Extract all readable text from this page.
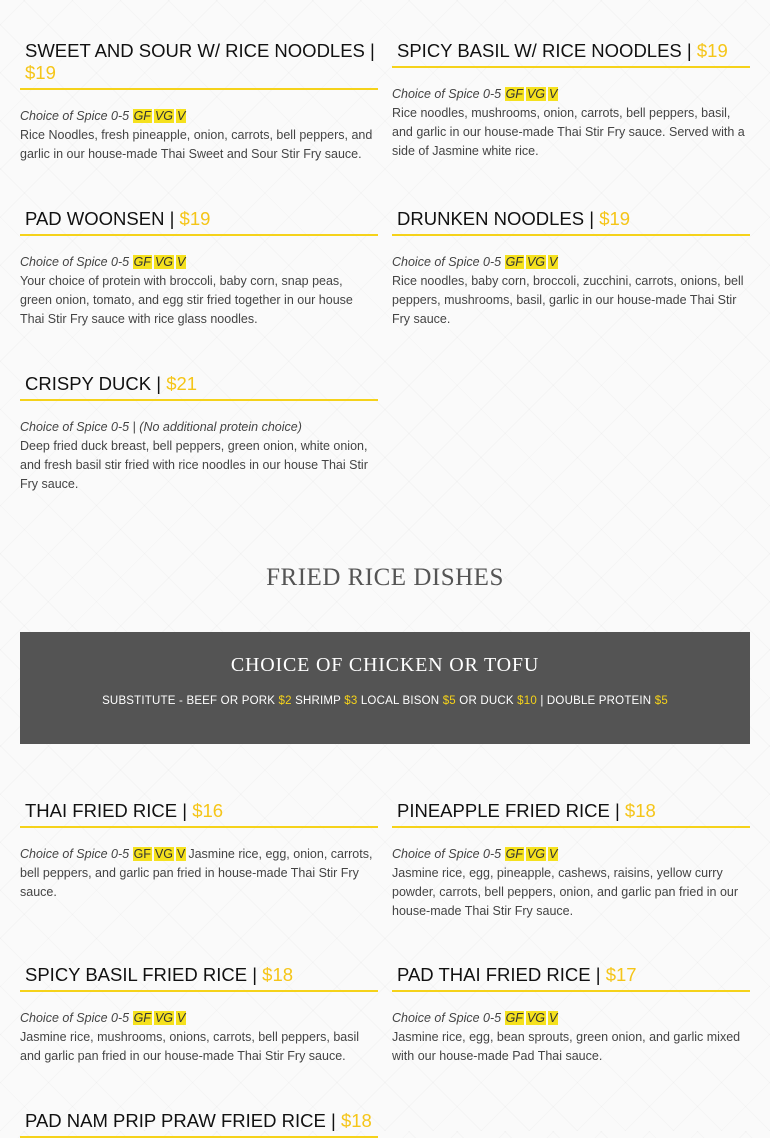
SWEET AND SOUR W/ RICE NOODLES | $19

Choice of Spice 0-5 GF VG V

Rice Noodles, fresh pineapple, onion, carrots, bell peppers, and garlic in our house-made Thai Sweet and Sour Stir Fry sauce.

SPICY BASIL W/ RICE NOODLES | $19

Choice of Spice 0-5 GF VG V

Rice noodles, mushrooms, onion, carrots, bell peppers, basil, and garlic in our house-made Thai Stir Fry sauce. Served with a side of Jasmine white rice.

PAD WOONSEN | $19

Choice of Spice 0-5 GF VG V

Your choice of protein with broccoli, baby corn, snap peas, green onion, tomato, and egg stir fried together in our house Thai Stir Fry sauce with rice glass noodles.

DRUNKEN NOODLES | $19

Choice of Spice 0-5 GF VG V

Rice noodles, baby corn, broccoli, zucchini, carrots, onions, bell peppers, mushrooms, basil, garlic in our house-made Thai Stir Fry sauce.

CRISPY DUCK | $21

Choice of Spice 0-5 | (No additional protein choice)

Deep fried duck breast, bell peppers, green onion, white onion, and fresh basil stir fried with rice noodles in our house Thai Stir Fry sauce.

FRIED RICE DISHES
CHOICE OF CHICKEN OR TOFU

SUBSTITUTE - BEEF OR PORK $2 SHRIMP $3 LOCAL BISON $5 OR DUCK $10 | DOUBLE PROTEIN $5

THAI FRIED RICE | $16

Choice of Spice 0-5 GF VG V Jasmine rice, egg, onion, carrots, bell peppers, and garlic pan fried in house-made Thai Stir Fry sauce.

PINEAPPLE FRIED RICE | $18

Choice of Spice 0-5 GF VG V

Jasmine rice, egg, pineapple, cashews, raisins, yellow curry powder, carrots, bell peppers, onion, and garlic pan fried in our house-made Thai Stir Fry sauce.

SPICY BASIL FRIED RICE | $18

Choice of Spice 0-5 GF VG V

Jasmine rice, mushrooms, onions, carrots, bell peppers, basil and garlic pan fried in our house-made Thai Stir Fry sauce.

PAD THAI FRIED RICE | $17

Choice of Spice 0-5 GF VG V

Jasmine rice, egg, bean sprouts, green onion, and garlic mixed with our house-made Pad Thai sauce.

PAD NAM PRIP PRAW FRIED RICE | $18
